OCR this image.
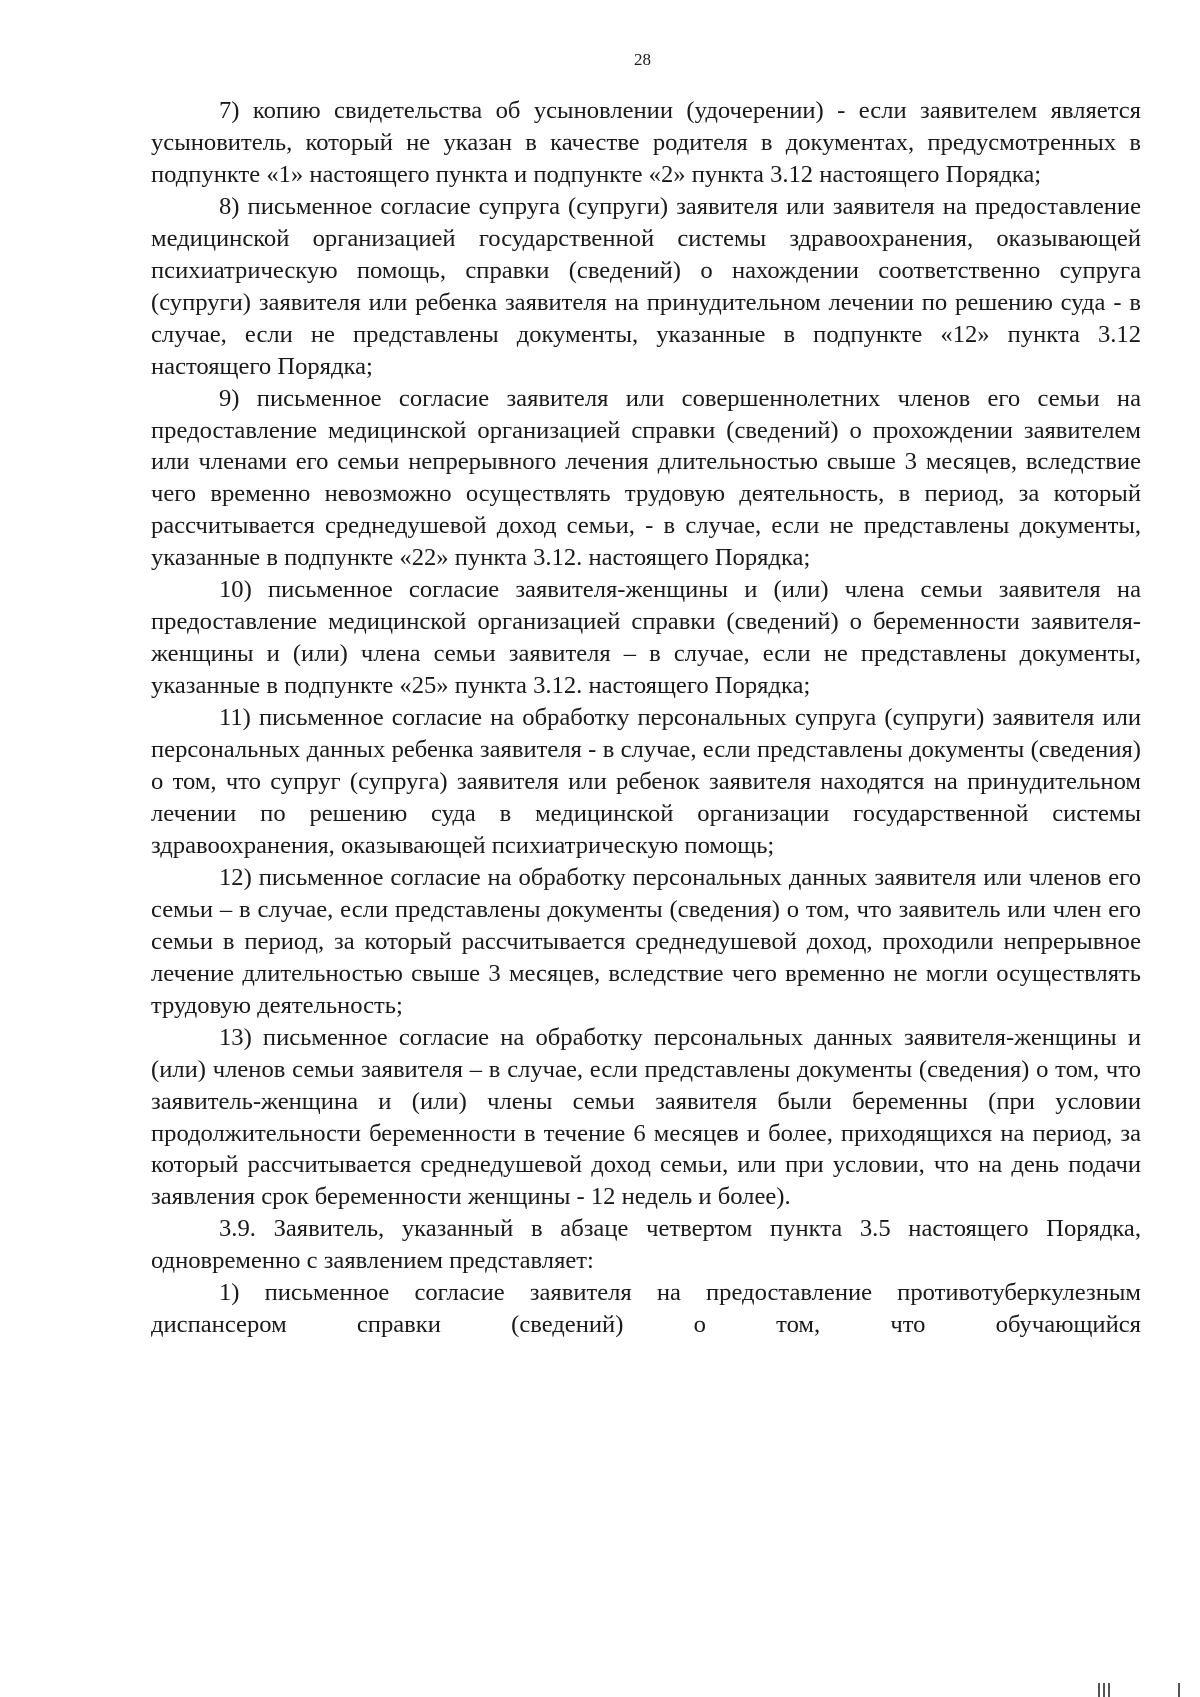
28

7) копию свидетельства об усыновлении (удочерении) - если заявителем является усыновитель, который не указан в качестве родителя в документах, предусмотренных в подпункте «1» настоящего пункта и подпункте «2» пункта 3.12 настоящего Порядка;

8) письменное согласие супруга (супруги) заявителя или заявителя на предоставление медицинской организацией государственной системы здравоохранения, оказывающей психиатрическую помощь, справки (сведений) о нахождении соответственно супруга (супруги) заявителя или ребенка заявителя на принудительном лечении по решению суда - в случае, если не представлены документы, указанные в подпункте «12» пункта 3.12 настоящего Порядка;

9) письменное согласие заявителя или совершеннолетних членов его семьи на предоставление медицинской организацией справки (сведений) о прохождении заявителем или членами его семьи непрерывного лечения длительностью свыше 3 месяцев, вследствие чего временно невозможно осуществлять трудовую деятельность, в период, за который рассчитывается среднедушевой доход семьи, - в случае, если не представлены документы, указанные в подпункте «22» пункта 3.12. настоящего Порядка;

10) письменное согласие заявителя-женщины и (или) члена семьи заявителя на предоставление медицинской организацией справки (сведений) о беременности заявителя-женщины и (или) члена семьи заявителя – в случае, если не представлены документы, указанные в подпункте «25» пункта 3.12. настоящего Порядка;

11) письменное согласие на обработку персональных супруга (супруги) заявителя или персональных данных ребенка заявителя - в случае, если представлены документы (сведения) о том, что супруг (супруга) заявителя или ребенок заявителя находятся на принудительном лечении по решению суда в медицинской организации государственной системы здравоохранения, оказывающей психиатрическую помощь;

12) письменное согласие на обработку персональных данных заявителя или членов его семьи – в случае, если представлены документы (сведения) о том, что заявитель или член его семьи в период, за который рассчитывается среднедушевой доход, проходили непрерывное лечение длительностью свыше 3 месяцев, вследствие чего временно не могли осуществлять трудовую деятельность;

13) письменное согласие на обработку персональных данных заявителя-женщины и (или) членов семьи заявителя – в случае, если представлены документы (сведения) о том, что заявитель-женщина и (или) члены семьи заявителя были беременны (при условии продолжительности беременности в течение 6 месяцев и более, приходящихся на период, за который рассчитывается среднедушевой доход семьи, или при условии, что на день подачи заявления срок беременности женщины - 12 недель и более).

3.9. Заявитель, указанный в абзаце четвертом пункта 3.5 настоящего Порядка, одновременно с заявлением представляет:

1) письменное согласие заявителя на предоставление противотуберкулезным диспансером справки (сведений) о том, что обучающийся
